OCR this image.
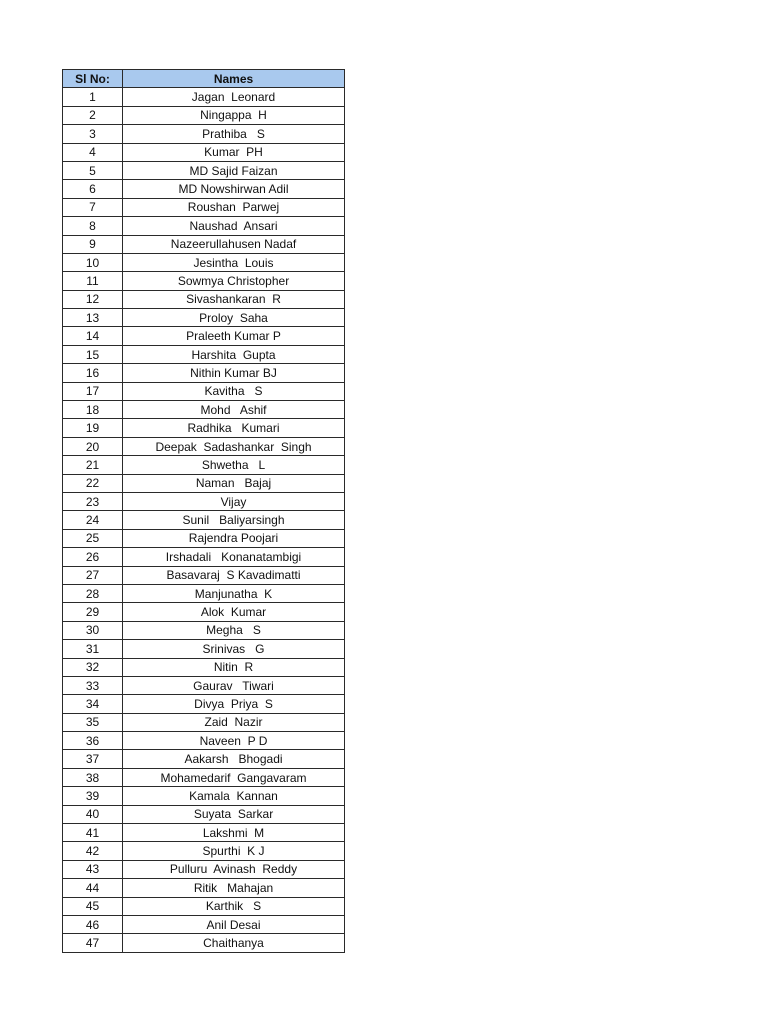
Sl No:	Names
1	Jagan  Leonard
2	Ningappa  H
3	Prathiba   S
4	Kumar  PH
5	MD Sajid Faizan
6	MD Nowshirwan Adil
7	Roushan  Parwej
8	Naushad  Ansari
9	Nazeerullahusen Nadaf
10	Jesintha  Louis
11	Sowmya Christopher
12	Sivashankaran  R
13	Proloy  Saha
14	Praleeth Kumar P
15	Harshita  Gupta
16	Nithin Kumar BJ
17	Kavitha   S
18	Mohd   Ashif
19	Radhika   Kumari
20	Deepak  Sadashankar  Singh
21	Shwetha   L
22	Naman   Bajaj
23	Vijay
24	Sunil   Baliyarsingh
25	Rajendra Poojari
26	Irshadali   Konanatambigi
27	Basavaraj  S Kavadimatti
28	Manjunatha  K
29	Alok  Kumar
30	Megha   S
31	Srinivas   G
32	Nitin  R
33	Gaurav   Tiwari
34	Divya  Priya  S
35	Zaid  Nazir
36	Naveen  P D
37	Aakarsh   Bhogadi
38	Mohamedarif  Gangavaram
39	Kamala  Kannan
40	Suyata  Sarkar
41	Lakshmi  M
42	Spurthi  K J
43	Pulluru  Avinash  Reddy
44	Ritik   Mahajan
45	Karthik   S
46	Anil Desai
47	Chaithanya
